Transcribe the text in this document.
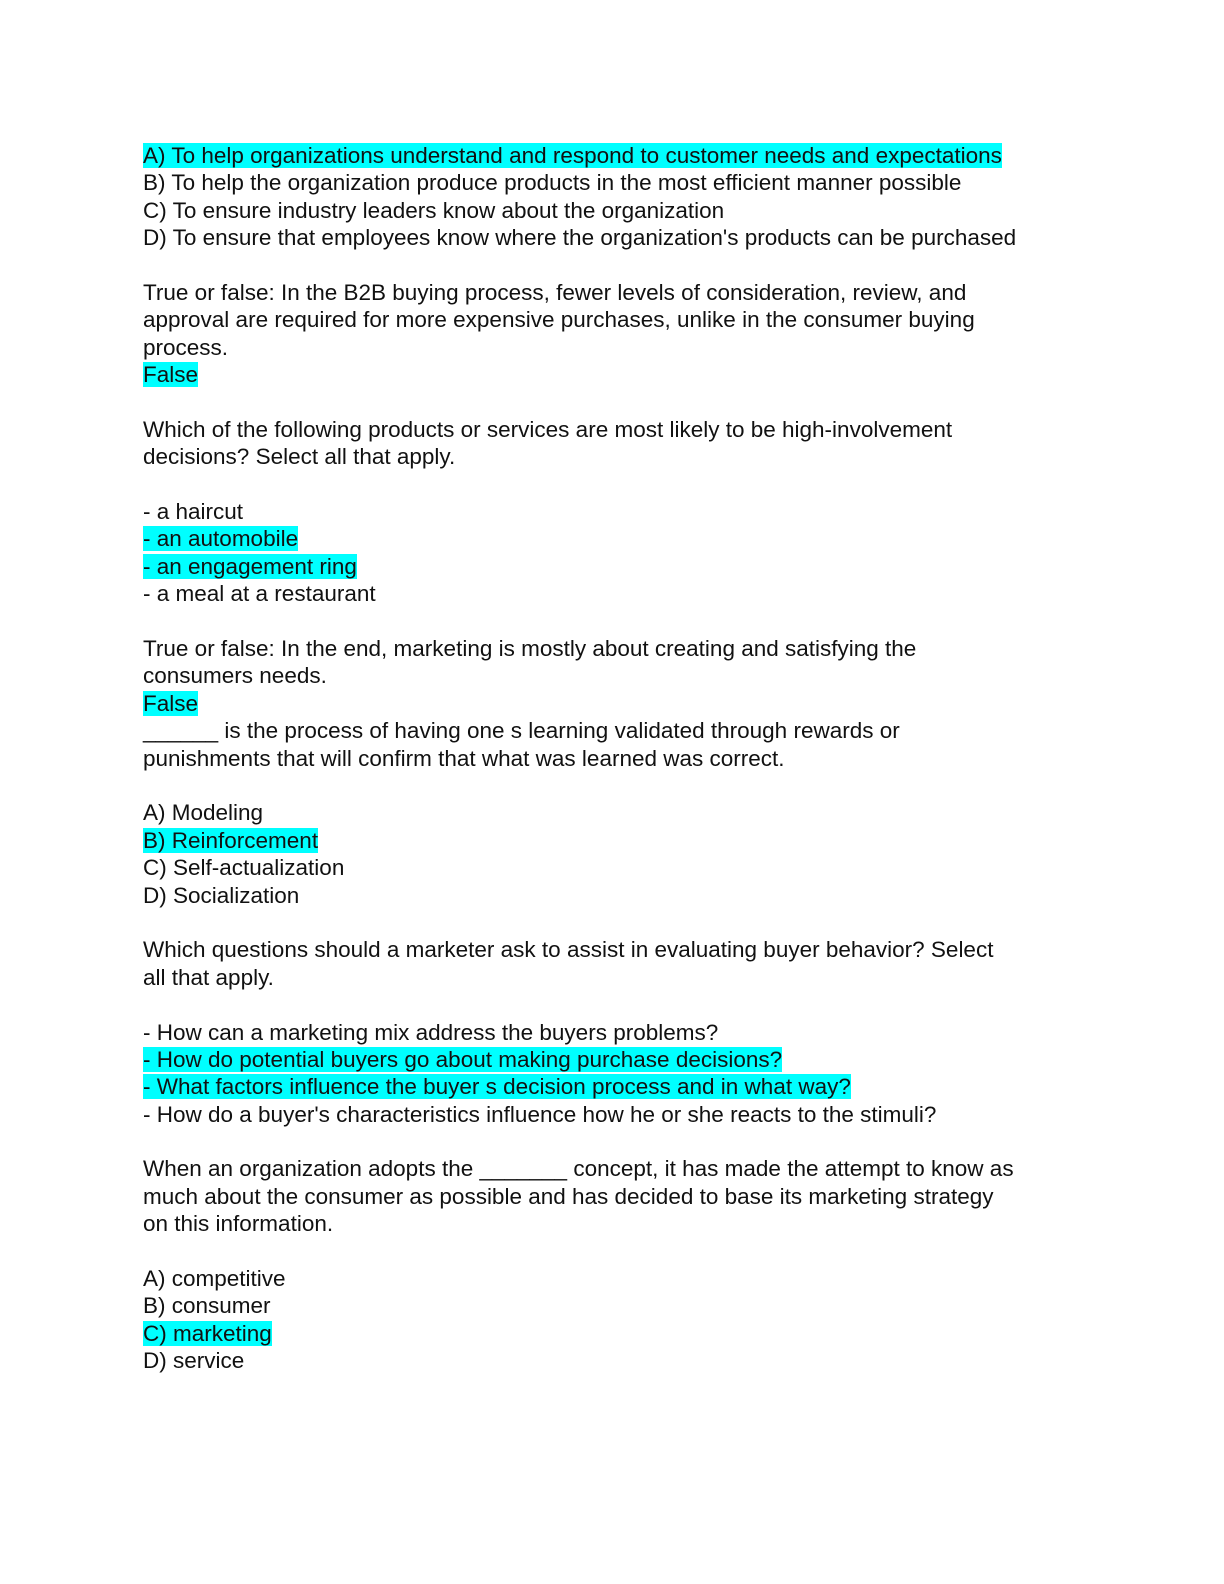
A) To help organizations understand and respond to customer needs and expectations
B) To help the organization produce products in the most efficient manner possible
C) To ensure industry leaders know about the organization
D) To ensure that employees know where the organization's products can be purchased
True or false: In the B2B buying process, fewer levels of consideration, review, and
approval are required for more expensive purchases, unlike in the consumer buying
process.
False
Which of the following products or services are most likely to be high-involvement
decisions? Select all that apply.
- a haircut
- an automobile
- an engagement ring
- a meal at a restaurant
True or false: In the end, marketing is mostly about creating and satisfying the
consumers needs.
False
______ is the process of having one s learning validated through rewards or
punishments that will confirm that what was learned was correct.
A) Modeling
B) Reinforcement
C) Self-actualization
D) Socialization
Which questions should a marketer ask to assist in evaluating buyer behavior? Select
all that apply.
- How can a marketing mix address the buyers problems?
- How do potential buyers go about making purchase decisions?
- What factors influence the buyer s decision process and in what way?
- How do a buyer's characteristics influence how he or she reacts to the stimuli?
When an organization adopts the _______ concept, it has made the attempt to know as
much about the consumer as possible and has decided to base its marketing strategy
on this information.
A) competitive
B) consumer
C) marketing
D) service
